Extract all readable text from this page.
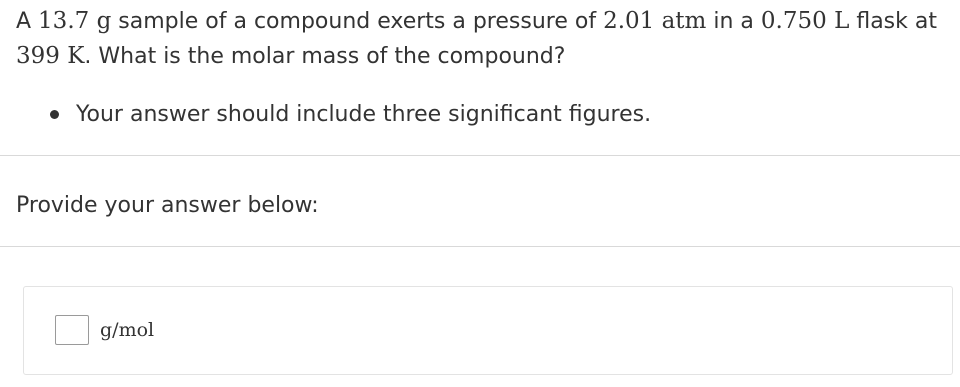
A 13.7 g sample of a compound exerts a pressure of 2.01 atm in a 0.750 L flask at 399 K. What is the molar mass of the compound?
Your answer should include three significant figures.
Provide your answer below:
g/mol
